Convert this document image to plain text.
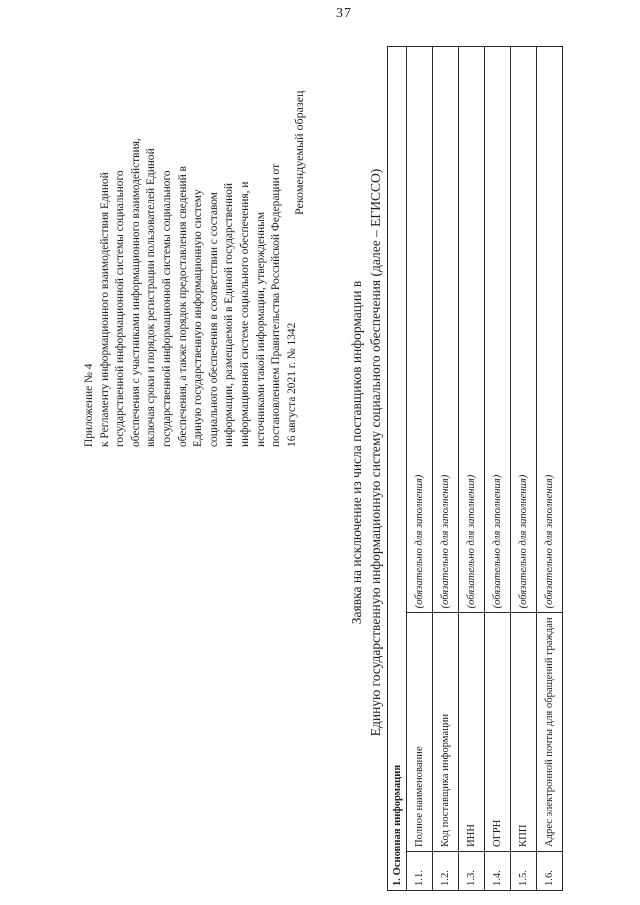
37
Приложение № 4 к Регламенту информационного взаимодействия Единой государственной информационной системы социального обеспечения с участниками информационного взаимодействия, включая сроки и порядок регистрации пользователей Единой государственной информационной системы социального обеспечения, а также порядок предоставления сведений в Единую государственную информационную систему социального обеспечения в соответствии с составом информации, размещаемой в Единой государственной информационной системе социального обеспечения, и источниками такой информации, утвержденным постановлением Правительства Российской Федерации от 16 августа 2021 г. № 1342
Рекомендуемый образец
Заявка на исключение из числа поставщиков информации в Единую государственную информационную систему социального обеспечения (далее – ЕГИССО)
1. Основная информация		
1.1.	Полное наименование	(обязательно для заполнения)
1.2.	Код поставщика информации	(обязательно для заполнения)
1.3.	ИНН	(обязательно для заполнения)
1.4.	ОГРН	(обязательно для заполнения)
1.5.	КПП	(обязательно для заполнения)
1.6.	Адрес электронной почты для обращений граждан	(обязательно для заполнения)
